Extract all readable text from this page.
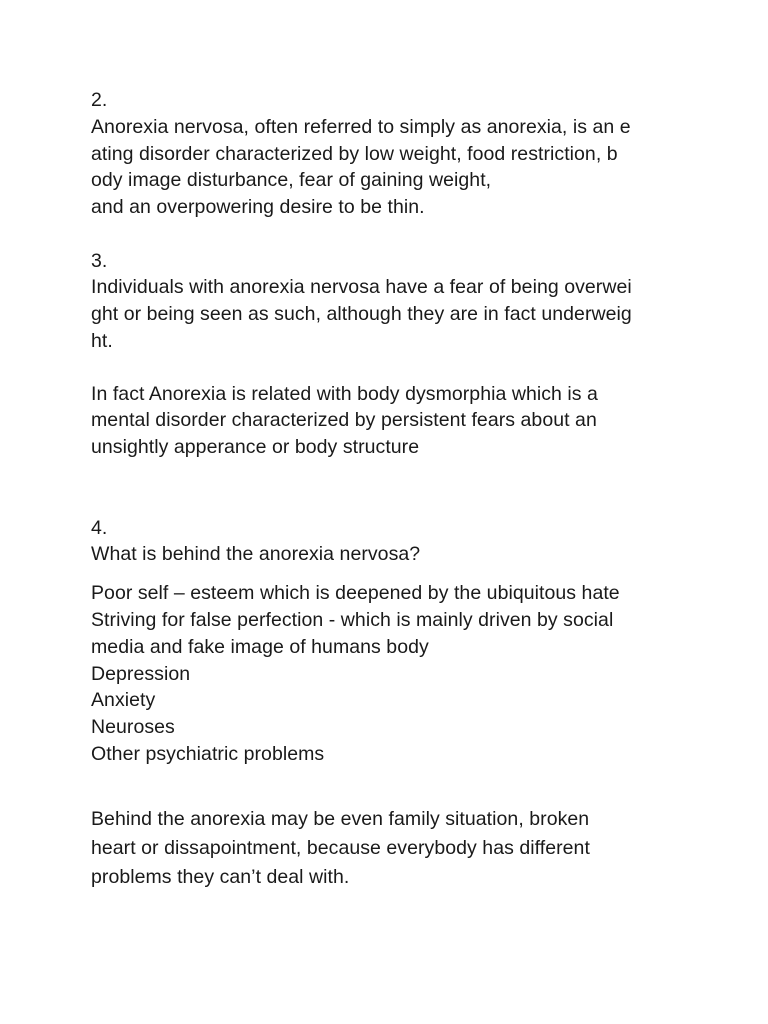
2.
Anorexia nervosa, often referred to simply as anorexia, is an e
ating disorder characterized by low weight, food restriction, b
ody image disturbance, fear of gaining weight,
and an overpowering desire to be thin.
3.
Individuals with anorexia nervosa have a fear of being overwei
ght or being seen as such, although they are in fact underweig
ht.
In fact Anorexia is related with body dysmorphia which is a
mental disorder characterized by persistent fears about an
unsightly apperance or body structure
4.
What is behind the anorexia nervosa?
Poor self – esteem which is deepened by the ubiquitous hate
Striving for false perfection - which is mainly driven by social
media and fake image of humans body
Depression
Anxiety
Neuroses
Other psychiatric problems
Behind the anorexia may be even family situation, broken
heart or dissapointment, because everybody has different
problems they can’t deal with.
